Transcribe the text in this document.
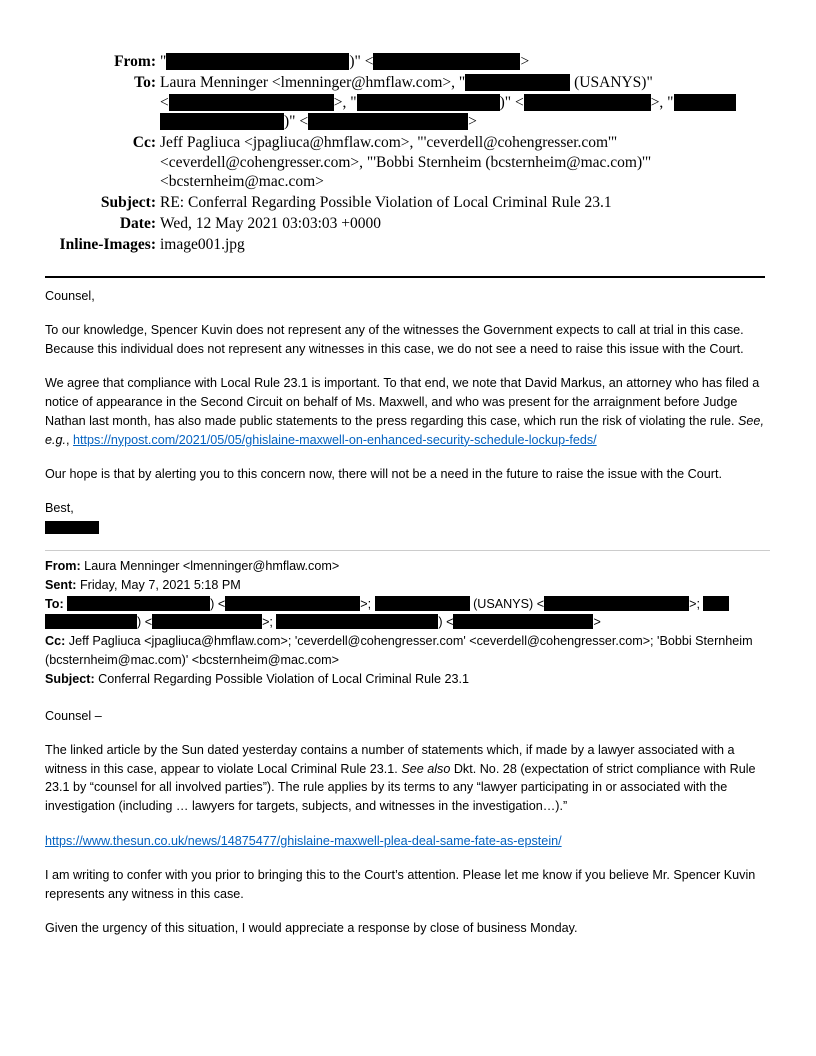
From: "	)" <	>
To: Laura Menninger <lmenninger@hmflaw.com>, "	(USANYS)"
<	>, "	)" <	>, "
)" <	>
Cc: Jeff Pagliuca <jpagliuca@hmflaw.com>, "'ceverdell@cohengresser.com'"
<ceverdell@cohengresser.com>, "'Bobbi Sternheim (bcsternheim@mac.com)'"
<bcsternheim@mac.com>
Subject: RE: Conferral Regarding Possible Violation of Local Criminal Rule 23.1
Date: Wed, 12 May 2021 03:03:03 +0000
Inline-Images: image001.jpg

Counsel,

To our knowledge, Spencer Kuvin does not represent any of the witnesses the Government expects to call at trial in this case. Because this individual does not represent any witnesses in this case, we do not see a need to raise this issue with the Court.

We agree that compliance with Local Rule 23.1 is important. To that end, we note that David Markus, an attorney who has filed a notice of appearance in the Second Circuit on behalf of Ms. Maxwell, and who was present for the arraignment before Judge Nathan last month, has also made public statements to the press regarding this case, which run the risk of violating the rule. See, e.g., https://nypost.com/2021/05/05/ghislaine-maxwell-on-enhanced-security-schedule-lockup-feds/

Our hope is that by alerting you to this concern now, there will not be a need in the future to raise the issue with the Court.

Best,

From: Laura Menninger <lmenninger@hmflaw.com>

Sent: Friday, May 7, 2021 5:18 PM

To:	) <	>;	(USANYS) <	>;
) <	>;	) <	>

Cc: Jeff Pagliuca <jpagliuca@hmflaw.com>; 'ceverdell@cohengresser.com' <ceverdell@cohengresser.com>; 'Bobbi Sternheim (bcsternheim@mac.com)' <bcsternheim@mac.com>

Subject: Conferral Regarding Possible Violation of Local Criminal Rule 23.1

Counsel –

The linked article by the Sun dated yesterday contains a number of statements which, if made by a lawyer associated with a witness in this case, appear to violate Local Criminal Rule 23.1. See also Dkt. No. 28 (expectation of strict compliance with Rule 23.1 by “counsel for all involved parties”). The rule applies by its terms to any “lawyer participating in or associated with the investigation (including … lawyers for targets, subjects, and witnesses in the investigation…).”

https://www.thesun.co.uk/news/14875477/ghislaine-maxwell-plea-deal-same-fate-as-epstein/

I am writing to confer with you prior to bringing this to the Court’s attention. Please let me know if you believe Mr. Spencer Kuvin represents any witness in this case.

Given the urgency of this situation, I would appreciate a response by close of business Monday.
